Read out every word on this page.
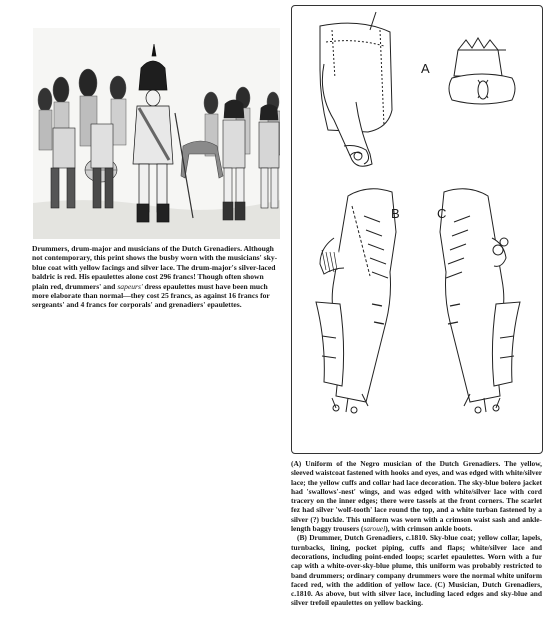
Drummers, drum-major and musicians of the Dutch Grenadiers. Although not contemporary, this print shows the busby worn with the musicians' sky-blue coat with yellow facings and silver lace. The drum-major's silver-laced baldric is red. His epaulettes alone cost 296 francs! Though often shown plain red, drummers' and sapeurs' dress epaulettes must have been much more elaborate than normal—they cost 25 francs, as against 16 francs for sergeants' and 4 francs for corporals' and grenadiers' epaulettes.

A
B	C

(A) Uniform of the Negro musician of the Dutch Grenadiers. The yellow, sleeved waistcoat fastened with hooks and eyes, and was edged with white/silver lace; the yellow cuffs and collar had lace decoration. The sky-blue bolero jacket had 'swallows'-nest' wings, and was edged with white/silver lace with cord tracery on the inner edges; there were tassels at the front corners. The scarlet fez had silver 'wolf-tooth' lace round the top, and a white turban fastened by a silver (?) buckle. This uniform was worn with a crimson waist sash and ankle-length baggy trousers (sarouel), with crimson ankle boots.

(B) Drummer, Dutch Grenadiers, c.1810. Sky-blue coat; yellow collar, lapels, turnbacks, lining, pocket piping, cuffs and flaps; white/silver lace and decorations, including point-ended loops; scarlet epaulettes. Worn with a fur cap with a white-over-sky-blue plume, this uniform was probably restricted to band drummers; ordinary company drummers wore the normal white uniform faced red, with the addition of yellow lace. (C) Musician, Dutch Grenadiers, c.1810. As above, but with silver lace, including laced edges and sky-blue and silver trefoil epaulettes on yellow backing.
